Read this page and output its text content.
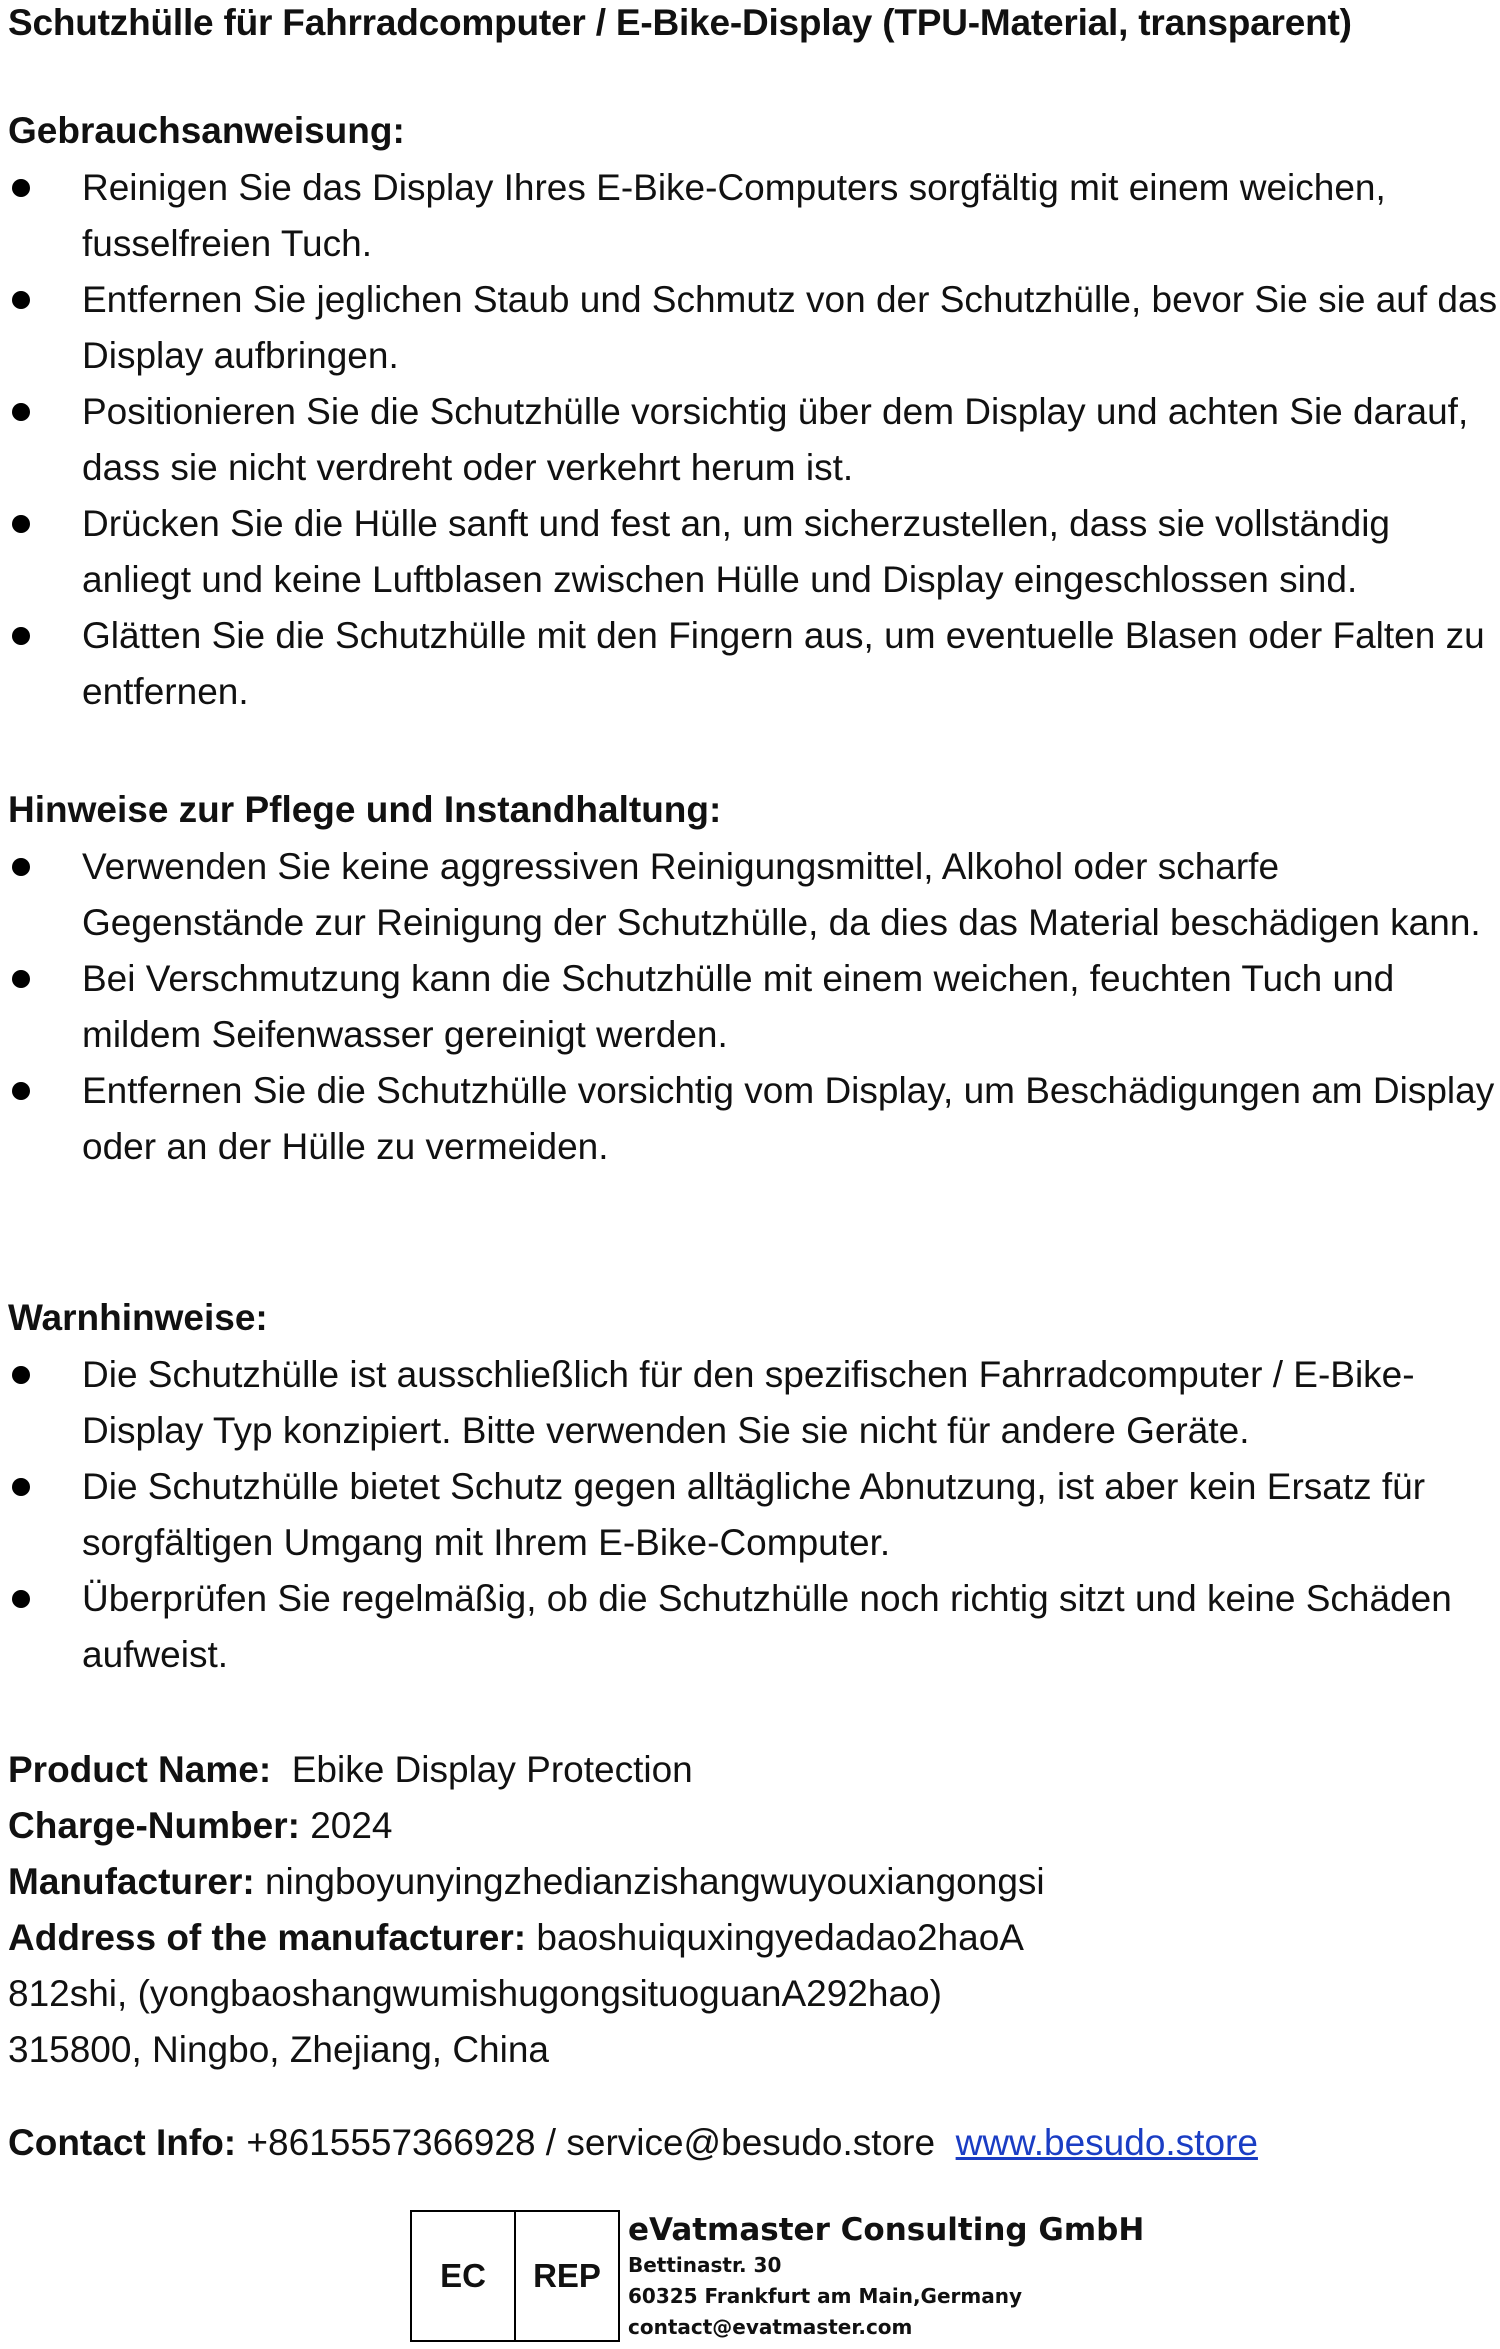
Schutzhülle für Fahrradcomputer / E-Bike-Display (TPU-Material, transparent)
Gebrauchsanweisung:
Reinigen Sie das Display Ihres E-Bike-Computers sorgfältig mit einem weichen, fusselfreien Tuch.
Entfernen Sie jeglichen Staub und Schmutz von der Schutzhülle, bevor Sie sie auf das Display aufbringen.
Positionieren Sie die Schutzhülle vorsichtig über dem Display und achten Sie darauf, dass sie nicht verdreht oder verkehrt herum ist.
Drücken Sie die Hülle sanft und fest an, um sicherzustellen, dass sie vollständig anliegt und keine Luftblasen zwischen Hülle und Display eingeschlossen sind.
Glätten Sie die Schutzhülle mit den Fingern aus, um eventuelle Blasen oder Falten zu entfernen.
Hinweise zur Pflege und Instandhaltung:
Verwenden Sie keine aggressiven Reinigungsmittel, Alkohol oder scharfe Gegenstände zur Reinigung der Schutzhülle, da dies das Material beschädigen kann.
Bei Verschmutzung kann die Schutzhülle mit einem weichen, feuchten Tuch und mildem Seifenwasser gereinigt werden.
Entfernen Sie die Schutzhülle vorsichtig vom Display, um Beschädigungen am Display oder an der Hülle zu vermeiden.
Warnhinweise:
Die Schutzhülle ist ausschließlich für den spezifischen Fahrradcomputer / E-Bike-Display Typ konzipiert. Bitte verwenden Sie sie nicht für andere Geräte.
Die Schutzhülle bietet Schutz gegen alltägliche Abnutzung, ist aber kein Ersatz für sorgfältigen Umgang mit Ihrem E-Bike-Computer.
Überprüfen Sie regelmäßig, ob die Schutzhülle noch richtig sitzt und keine Schäden aufweist.
Product Name: Ebike Display Protection
Charge-Number: 2024
Manufacturer: ningboyunyingzhedianzishangwuyouxiangongsi
Address of the manufacturer: baoshuiquxingyedadao2haoA
812shi, (yongbaoshangwumishugongsituoguanA292hao)
315800, Ningbo, Zhejiang, China
Contact Info: +8615557366928 / service@besudo.store www.besudo.store
EC	REP
eVatmaster Consulting GmbH
Bettinastr. 30
60325 Frankfurt am Main,Germany
contact@evatmaster.com
